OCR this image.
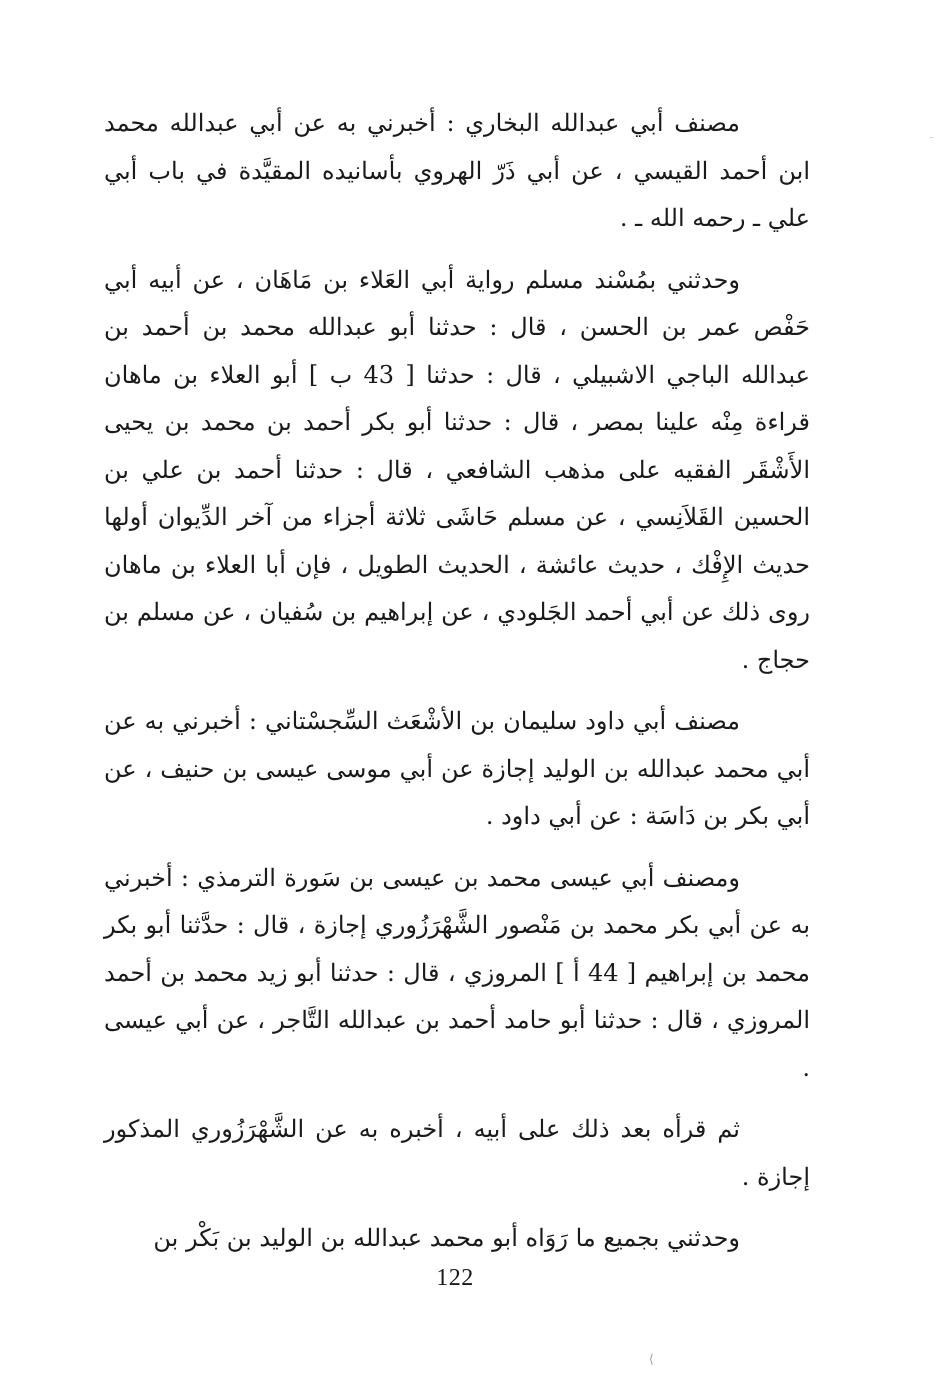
ـ

مصنف أبي عبدالله البخاري : أخبرني به عن أبي عبدالله محمد ابن أحمد القيسي ، عن أبي ذَرّ الهروي بأسانيده المقيَّدة في باب أبي علي ـ رحمه الله ـ .

وحدثني بمُسْند مسلم رواية أبي العَلاء بن مَاهَان ، عن أبيه أبي حَفْص عمر بن الحسن ، قال : حدثنا أبو عبدالله محمد بن أحمد بن عبدالله الباجي الاشبيلي ، قال : حدثنا [ 43 ب ] أبو العلاء بن ماهان قراءة مِنْه علينا بمصر ، قال : حدثنا أبو بكر أحمد بن محمد بن يحيى الأَشْقَر الفقيه على مذهب الشافعي ، قال : حدثنا أحمد بن علي بن الحسين القَلاَنِسي ، عن مسلم حَاشَى ثلاثة أجزاء من آخر الدِّيوان أولها حديث الإِفْك ، حديث عائشة ، الحديث الطويل ، فإن أبا العلاء بن ماهان روى ذلك عن أبي أحمد الجَلودي ، عن إبراهيم بن سُفيان ، عن مسلم بن حجاج .

مصنف أبي داود سليمان بن الأشْعَث السِّجسْتاني : أخبرني به عن أبي محمد عبدالله بن الوليد إجازة عن أبي موسى عيسى بن حنيف ، عن أبي بكر بن دَاسَة : عن أبي داود .

ومصنف أبي عيسى محمد بن عيسى بن سَورة الترمذي : أخبرني به عن أبي بكر محمد بن مَنْصور الشَّهْرَزُوري إجازة ، قال : حدَّثنا أبو بكر محمد بن إبراهيم [ 44 أ ] المروزي ، قال : حدثنا أبو زيد محمد بن أحمد المروزي ، قال : حدثنا أبو حامد أحمد بن عبدالله التَّاجر ، عن أبي عيسى .

ثم قرأه بعد ذلك على أبيه ، أخبره به عن الشَّهْرَزُوري المذكور إجازة .

وحدثني بجميع ما رَوَاه أبو محمد عبدالله بن الوليد بن بَكْر بن

122
⟨
